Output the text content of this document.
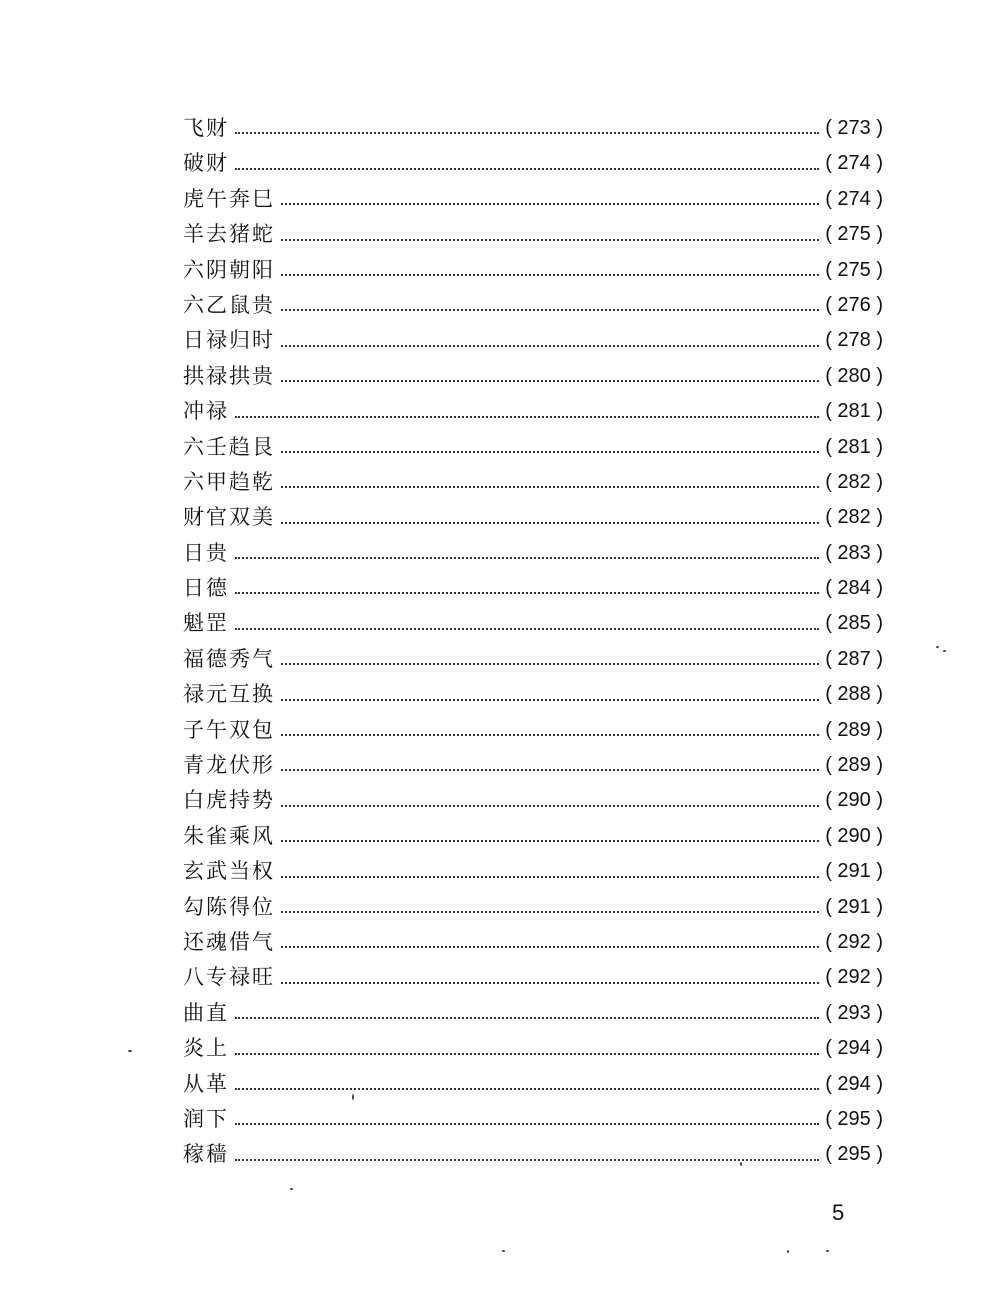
飞财	( 273 )
破财	( 274 )
虎午奔巳	( 274 )
羊去猪蛇	( 275 )
六阴朝阳	( 275 )
六乙鼠贵	( 276 )
日禄归时	( 278 )
拱禄拱贵	( 280 )
冲禄	( 281 )
六壬趋艮	( 281 )
六甲趋乾	( 282 )
财官双美	( 282 )
日贵	( 283 )
日德	( 284 )
魁罡	( 285 )
福德秀气	( 287 )
禄元互换	( 288 )
子午双包	( 289 )
青龙伏形	( 289 )
白虎持势	( 290 )
朱雀乘风	( 290 )
玄武当权	( 291 )
勾陈得位	( 291 )
还魂借气	( 292 )
八专禄旺	( 292 )
曲直	( 293 )
炎上	( 294 )
从革	( 294 )
润下	( 295 )
稼穑	( 295 )
5
